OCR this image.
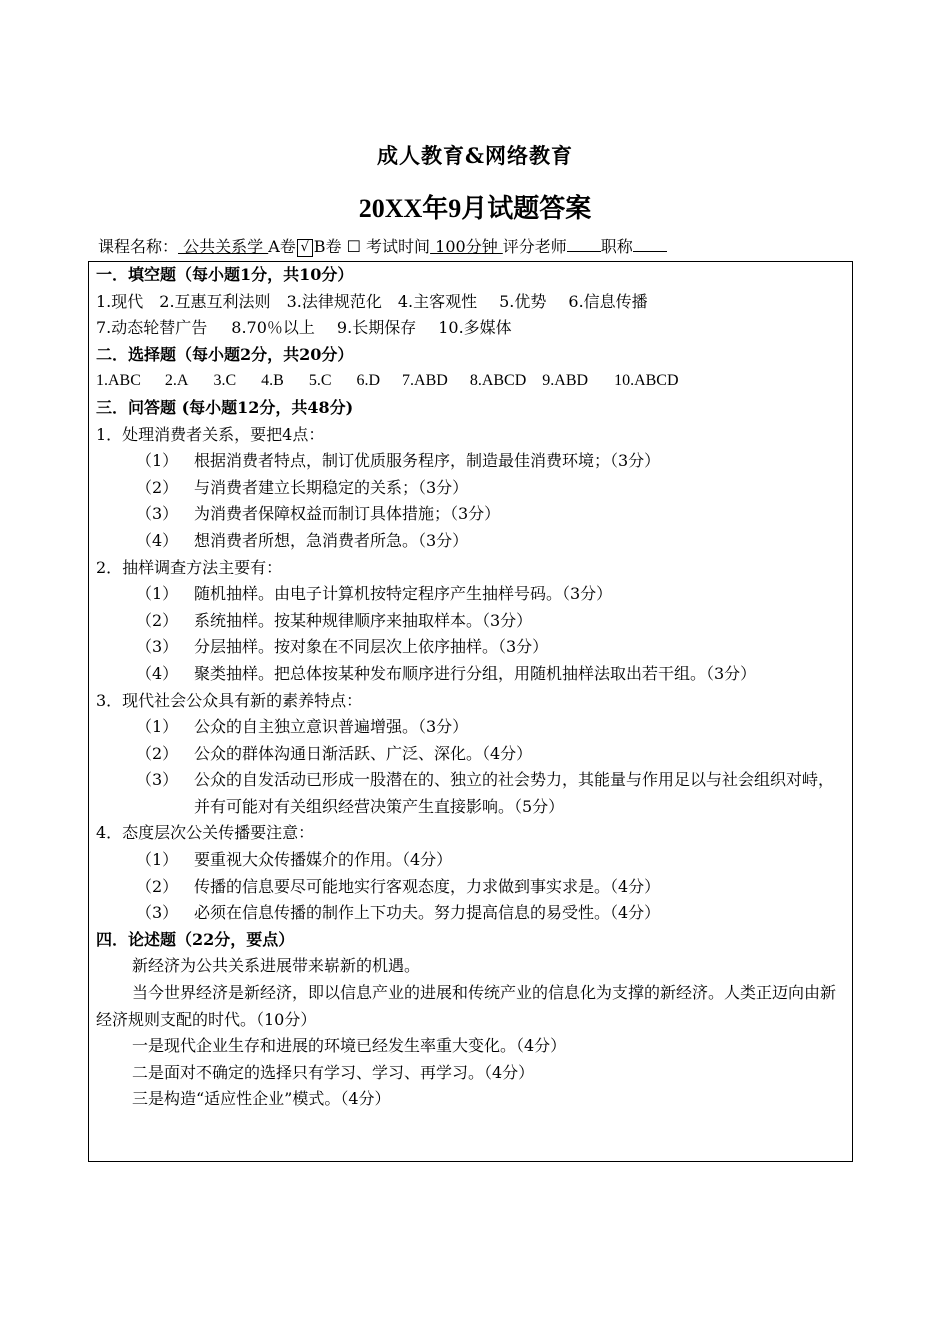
成人教育&网络教育
20XX年9月试题答案
课程名称： 公共关系学 A卷 √ B卷 ☐ 考试时间 100分钟 评分老师 职称
一．填空题（每小题1分，共10分）
1.现代 2.互惠互利法则 3.法律规范化 4.主客观性 5.优势 6.信息传播
7.动态轮替广告 8.70％以上 9.长期保存 10.多媒体
二．选择题（每小题2分，共20分）
1.ABC 2.A 3.C 4.B 5.C 6.D 7.ABD 8.ABCD 9.ABD 10.ABCD
三．问答题 (每小题12分，共48分)
1．处理消费者关系，要把4点：
（1） 根据消费者特点，制订优质服务程序，制造最佳消费环境；（3分）
（2） 与消费者建立长期稳定的关系；（3分）
（3） 为消费者保障权益而制订具体措施；（3分）
（4） 想消费者所想，急消费者所急。（3分）
2．抽样调查方法主要有：
（1） 随机抽样。由电子计算机按特定程序产生抽样号码。（3分）
（2） 系统抽样。按某种规律顺序来抽取样本。（3分）
（3） 分层抽样。按对象在不同层次上依序抽样。（3分）
（4） 聚类抽样。把总体按某种发布顺序进行分组，用随机抽样法取出若干组。（3分）
3．现代社会公众具有新的素养特点：
（1） 公众的自主独立意识普遍增强。（3分）
（2） 公众的群体沟通日渐活跃、广泛、深化。（4分）
（3） 公众的自发活动已形成一股潜在的、独立的社会势力，其能量与作用足以与社会组织对峙，并有可能对有关组织经营决策产生直接影响。（5分）
4．态度层次公关传播要注意：
（1） 要重视大众传播媒介的作用。（4分）
（2） 传播的信息要尽可能地实行客观态度，力求做到事实求是。（4分）
（3） 必须在信息传播的制作上下功夫。努力提高信息的易受性。（4分）
四．论述题（22分，要点）
新经济为公共关系进展带来崭新的机遇。
当今世界经济是新经济，即以信息产业的进展和传统产业的信息化为支撑的新经济。人类正迈向由新经济规则支配的时代。（10分）
一是现代企业生存和进展的环境已经发生率重大变化。（4分）
二是面对不确定的选择只有学习、学习、再学习。（4分）
三是构造“适应性企业”模式。（4分）
